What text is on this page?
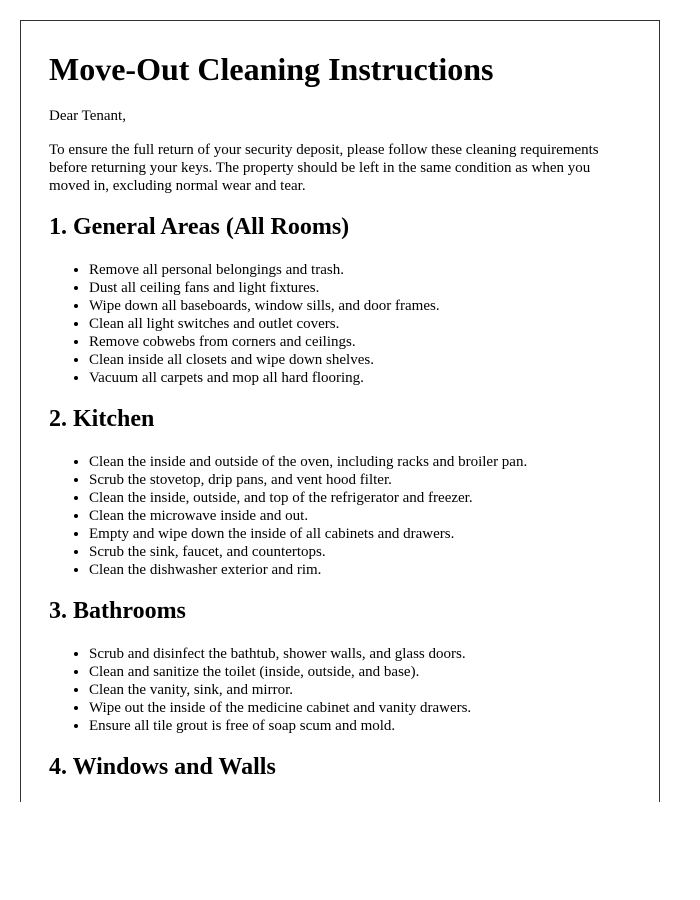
Move-Out Cleaning Instructions

Dear Tenant,

To ensure the full return of your security deposit, please follow these cleaning requirements before returning your keys. The property should be left in the same condition as when you moved in, excluding normal wear and tear.

1. General Areas (All Rooms)
• Remove all personal belongings and trash.
• Dust all ceiling fans and light fixtures.
• Wipe down all baseboards, window sills, and door frames.
• Clean all light switches and outlet covers.
• Remove cobwebs from corners and ceilings.
• Clean inside all closets and wipe down shelves.
• Vacuum all carpets and mop all hard flooring.
2. Kitchen
• Clean the inside and outside of the oven, including racks and broiler pan.
• Scrub the stovetop, drip pans, and vent hood filter.
• Clean the inside, outside, and top of the refrigerator and freezer.
• Clean the microwave inside and out.
• Empty and wipe down the inside of all cabinets and drawers.
• Scrub the sink, faucet, and countertops.
• Clean the dishwasher exterior and rim.
3. Bathrooms
• Scrub and disinfect the bathtub, shower walls, and glass doors.
• Clean and sanitize the toilet (inside, outside, and base).
• Clean the vanity, sink, and mirror.
• Wipe out the inside of the medicine cabinet and vanity drawers.
• Ensure all tile grout is free of soap scum and mold.
4. Windows and Walls
